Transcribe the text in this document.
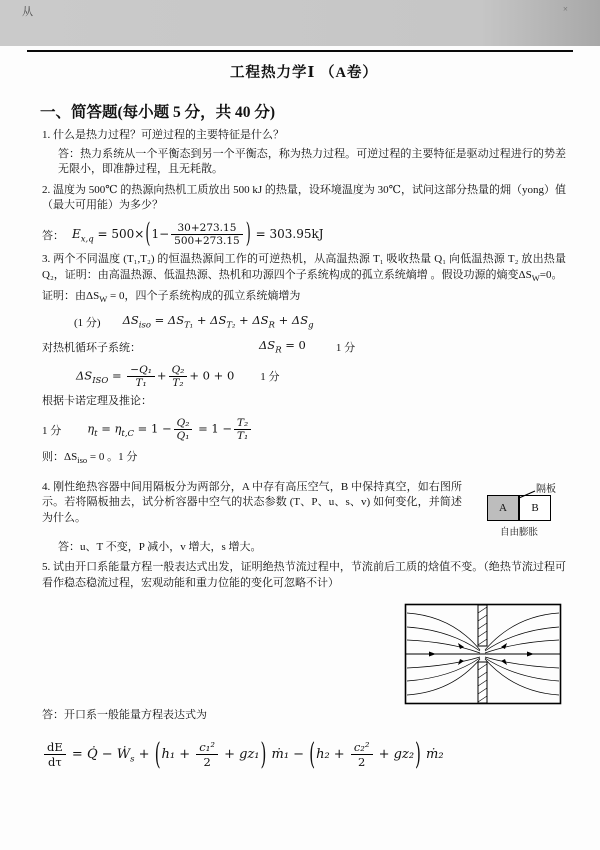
从	×
工程热力学Ⅰ （A卷）
一、简答题(每小题 5 分，共 40 分)

1. 什么是热力过程？可逆过程的主要特征是什么？

答：热力系统从一个平衡态到另一个平衡态，称为热力过程。可逆过程的主要特征是驱动过程进行的势差无限小，即准静过程，且无耗散。

2. 温度为 500℃ 的热源向热机工质放出 500 kJ 的热量，设环境温度为 30℃，试问这部分热量的㶲（yong）值（最大可用能）为多少？

答： $E_{x,q} = 500\times(1- \frac{30+273.15}{500+273.15}$ ) = 303.95kJ

3. 两个不同温度 (T₁,T₂) 的恒温热源间工作的可逆热机，从高温热源 T₁ 吸收热量 Q₁ 向低温热源 T₂ 放出热量 Q₂，证明：由高温热源、低温热源、热机和功源四个子系统构成的孤立系统熵增 。假设功源的熵变$\Delta S_W=0$。

证明：由$\Delta S_W = 0$，四个子系统构成的孤立系统熵增为

(1 分) $\Delta S_{iso} = \Delta S_{T_1} + \Delta S_{T_2} + \Delta S_R + \Delta S_g$
对热机循环子系统：	$\Delta S_R = 0$	1 分
$\Delta S_{ISO} = \frac{\text{−Q₁}}{\text{T₁}} + \frac{\text{Q₂}}{\text{T₂}} + 0 + 0$ 1 分

根据卡诺定理及推论：

1 分 $\eta_t = \eta_{t,C} = 1 - \frac{\text{Q₂}}{\text{Q₁}} = 1 - \frac{\text{T₂}}{\text{T₁}}$

则：$\Delta S_{iso} = 0$ 。1 分

隔板
A	B
自由膨胀

4. 刚性绝热容器中间用隔板分为两部分，A 中存有高压空气，B 中保持真空，如右图所示。若将隔板抽去，试分析容器中空气的状态参数 (T、P、u、s、v) 如何变化，并简述为什么。

答：u、T 不变，P 减小，v 增大，s 增大。

5. 试由开口系能量方程一般表达式出发，证明绝热节流过程中，节流前后工质的焓值不变。（绝热节流过程可看作稳态稳流过程，宏观动能和重力位能的变化可忽略不计）

答：开口系一般能量方程表达式为

$\frac{dE}{d\tau}$ = Q̇ − Ẇ$_s$ + $(h_1 + \frac{\text{c₁²}}{2} + gz_1)$ ṁ₁ − $(h_2 + \frac{\text{c₂²}}{2} + gz_2)$ ṁ₂
